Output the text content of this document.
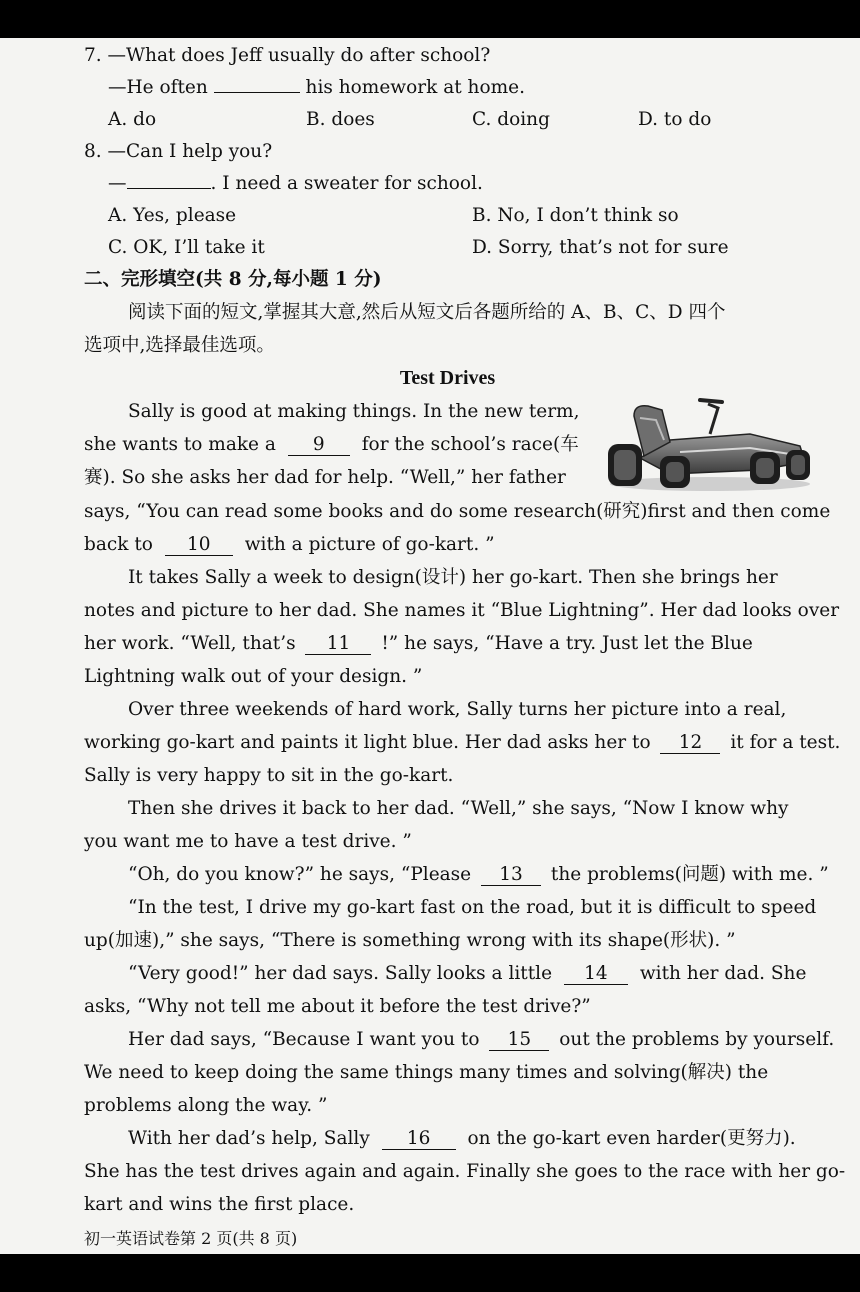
7. —What does Jeff usually do after school?
—He often	his homework at home.
A. do	B. does	C. doing	D. to do
8. —Can I help you?
—	. I need a sweater for school.
A. Yes, please	B. No, I don’t think so
C. OK, I’ll take it	D. Sorry, that’s not for sure
二、完形填空(共 8 分,每小题 1 分)
阅读下面的短文,掌握其大意,然后从短文后各题所给的 A、B、C、D 四个
选项中,选择最佳选项。
Test Drives
Sally is good at making things. In the new term,
she wants to make a 9 for the school’s race(车
赛). So she asks her dad for help. “Well,” her father
says, “You can read some books and do some research(研究)first and then come
back to 10 with a picture of go-kart. ”
It takes Sally a week to design(设计) her go-kart. Then she brings her
notes and picture to her dad. She names it “Blue Lightning”. Her dad looks over
her work. “Well, that’s 11 !” he says, “Have a try. Just let the Blue
Lightning walk out of your design. ”
Over three weekends of hard work, Sally turns her picture into a real,
working go-kart and paints it light blue. Her dad asks her to 12 it for a test.
Sally is very happy to sit in the go-kart.
Then she drives it back to her dad. “Well,” she says, “Now I know why
you want me to have a test drive. ”
“Oh, do you know?” he says, “Please 13 the problems(问题) with me. ”
“In the test, I drive my go-kart fast on the road, but it is difficult to speed
up(加速),” she says, “There is something wrong with its shape(形状). ”
“Very good!” her dad says. Sally looks a little 14 with her dad. She
asks, “Why not tell me about it before the test drive?”
Her dad says, “Because I want you to 15 out the problems by yourself.
We need to keep doing the same things many times and solving(解决) the
problems along the way. ”
With her dad’s help, Sally 16 on the go-kart even harder(更努力).
She has the test drives again and again. Finally she goes to the race with her go-
kart and wins the first place.
初一英语试卷第 2 页(共 8 页)
